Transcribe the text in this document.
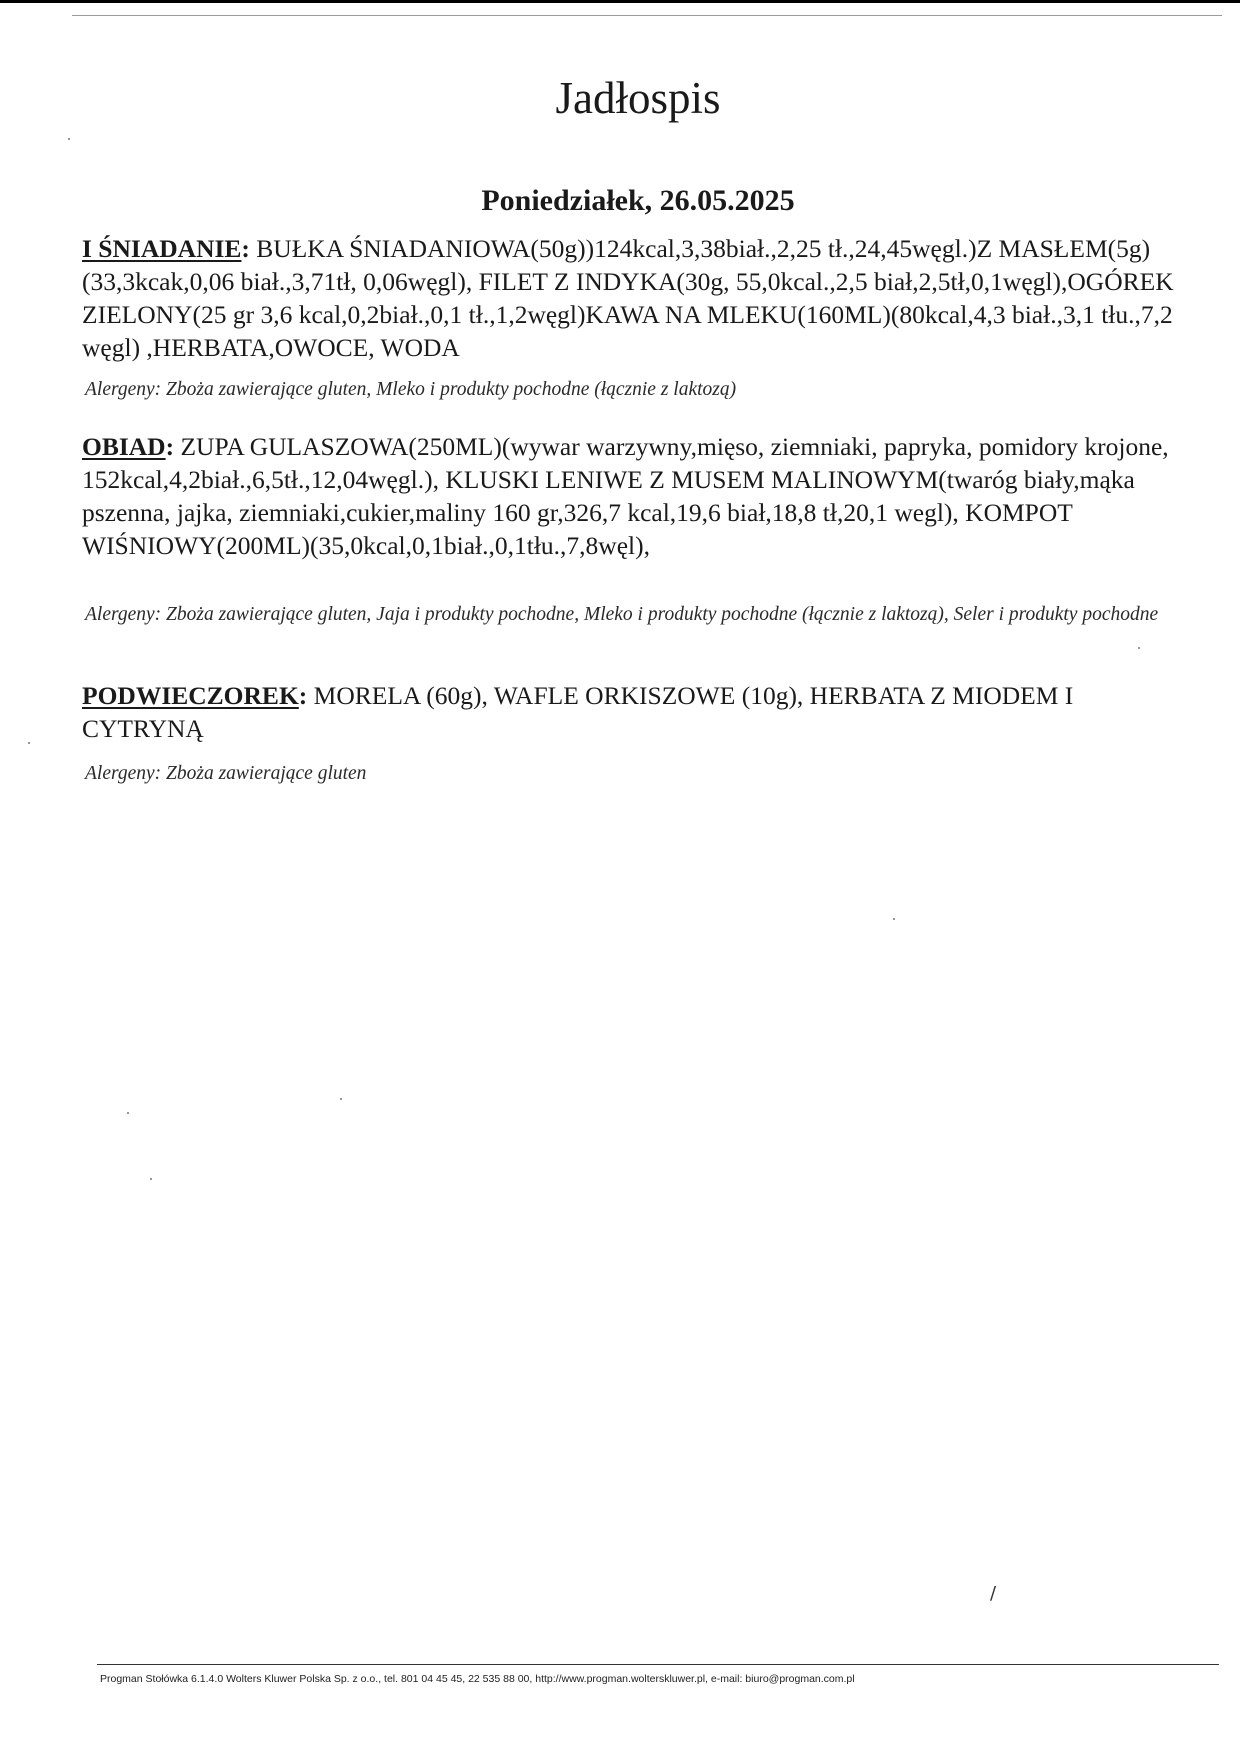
Jadłospis
Poniedziałek, 26.05.2025

I ŚNIADANIE: BUŁKA ŚNIADANIOWA(50g))124kcal,3,38biał.,2,25 tł.,24,45węgl.)Z MASŁEM(5g)(33,3kcak,0,06 biał.,3,71tł, 0,06węgl), FILET Z INDYKA(30g, 55,0kcal.,2,5 biał,2,5tł,0,1węgl),OGÓREK ZIELONY(25 gr 3,6 kcal,0,2biał.,0,1 tł.,1,2węgl)KAWA NA MLEKU(160ML)(80kcal,4,3 biał.,3,1 tłu.,7,2 węgl) ,HERBATA,OWOCE, WODA

Alergeny: Zboża zawierające gluten, Mleko i produkty pochodne (łącznie z laktozą)

OBIAD: ZUPA GULASZOWA(250ML)(wywar warzywny,mięso, ziemniaki, papryka, pomidory krojone, 152kcal,4,2biał.,6,5tł.,12,04węgl.), KLUSKI LENIWE Z MUSEM MALINOWYM(twaróg biały,mąka pszenna, jajka, ziemniaki,cukier,maliny 160 gr,326,7 kcal,19,6 biał,18,8 tł,20,1 wegl), KOMPOT WIŚNIOWY(200ML)(35,0kcal,0,1biał.,0,1tłu.,7,8węl),

Alergeny: Zboża zawierające gluten, Jaja i produkty pochodne, Mleko i produkty pochodne (łącznie z laktozą), Seler i produkty pochodne

PODWIECZOREK: MORELA (60g), WAFLE ORKISZOWE (10g), HERBATA Z MIODEM I CYTRYNĄ

Alergeny: Zboża zawierające gluten

/
Progman Stołówka 6.1.4.0 Wolters Kluwer Polska Sp. z o.o., tel. 801 04 45 45, 22 535 88 00, http://www.progman.wolterskluwer.pl, e-mail: biuro@progman.com.pl
